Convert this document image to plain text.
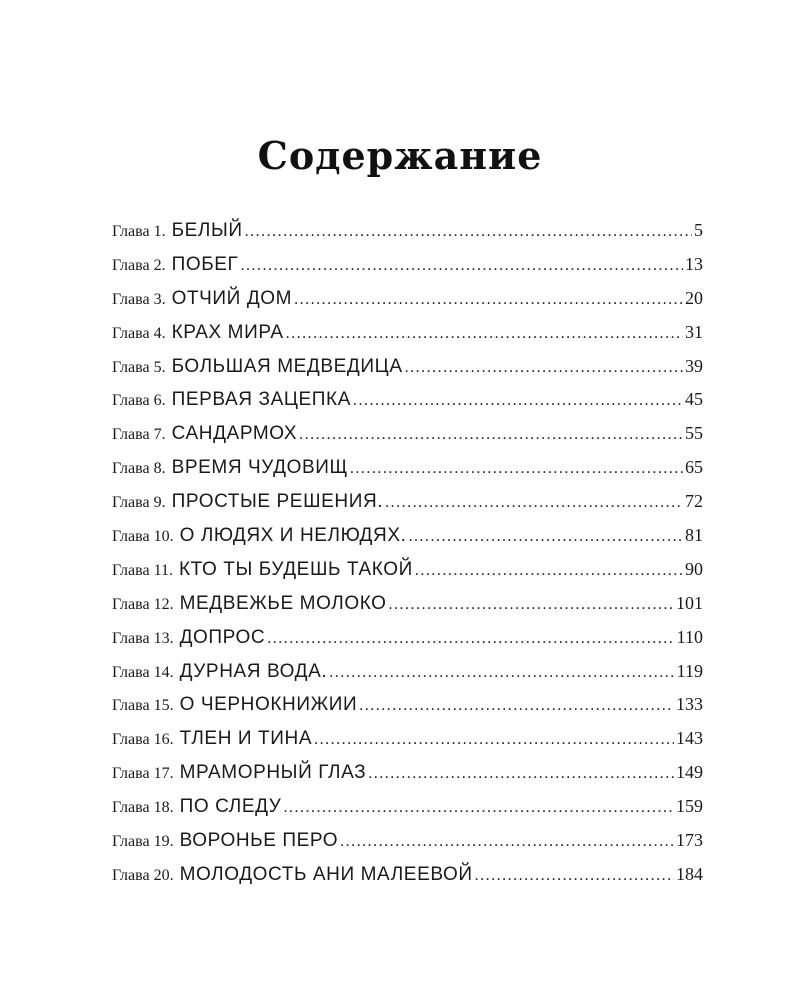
Содержание
Глава 1. БЕЛЫЙ .....	5
Глава 2. ПОБЕГ .....	13
Глава 3. ОТЧИЙ ДОМ .....	20
Глава 4. КРАХ МИРА .....	31
Глава 5. БОЛЬШАЯ МЕДВЕДИЦА .....	39
Глава 6. ПЕРВАЯ ЗАЦЕПКА .....	45
Глава 7. САНДАРМОХ .....	55
Глава 8. ВРЕМЯ ЧУДОВИЩ .....	65
Глава 9. ПРОСТЫЕ РЕШЕНИЯ. .....	72
Глава 10. О ЛЮДЯХ И НЕЛЮДЯХ. .....	81
Глава 11. КТО ТЫ БУДЕШЬ ТАКОЙ .....	90
Глава 12. МЕДВЕЖЬЕ МОЛОКО .....	101
Глава 13. ДОПРОС .....	110
Глава 14. ДУРНАЯ ВОДА. .....	119
Глава 15. О ЧЕРНОКНИЖИИ .....	133
Глава 16. ТЛЕН И ТИНА .....	143
Глава 17. МРАМОРНЫЙ ГЛАЗ .....	149
Глава 18. ПО СЛЕДУ .....	159
Глава 19. ВОРОНЬЕ ПЕРО .....	173
Глава 20. МОЛОДОСТЬ АНИ МАЛЕЕВОЙ .....	184
